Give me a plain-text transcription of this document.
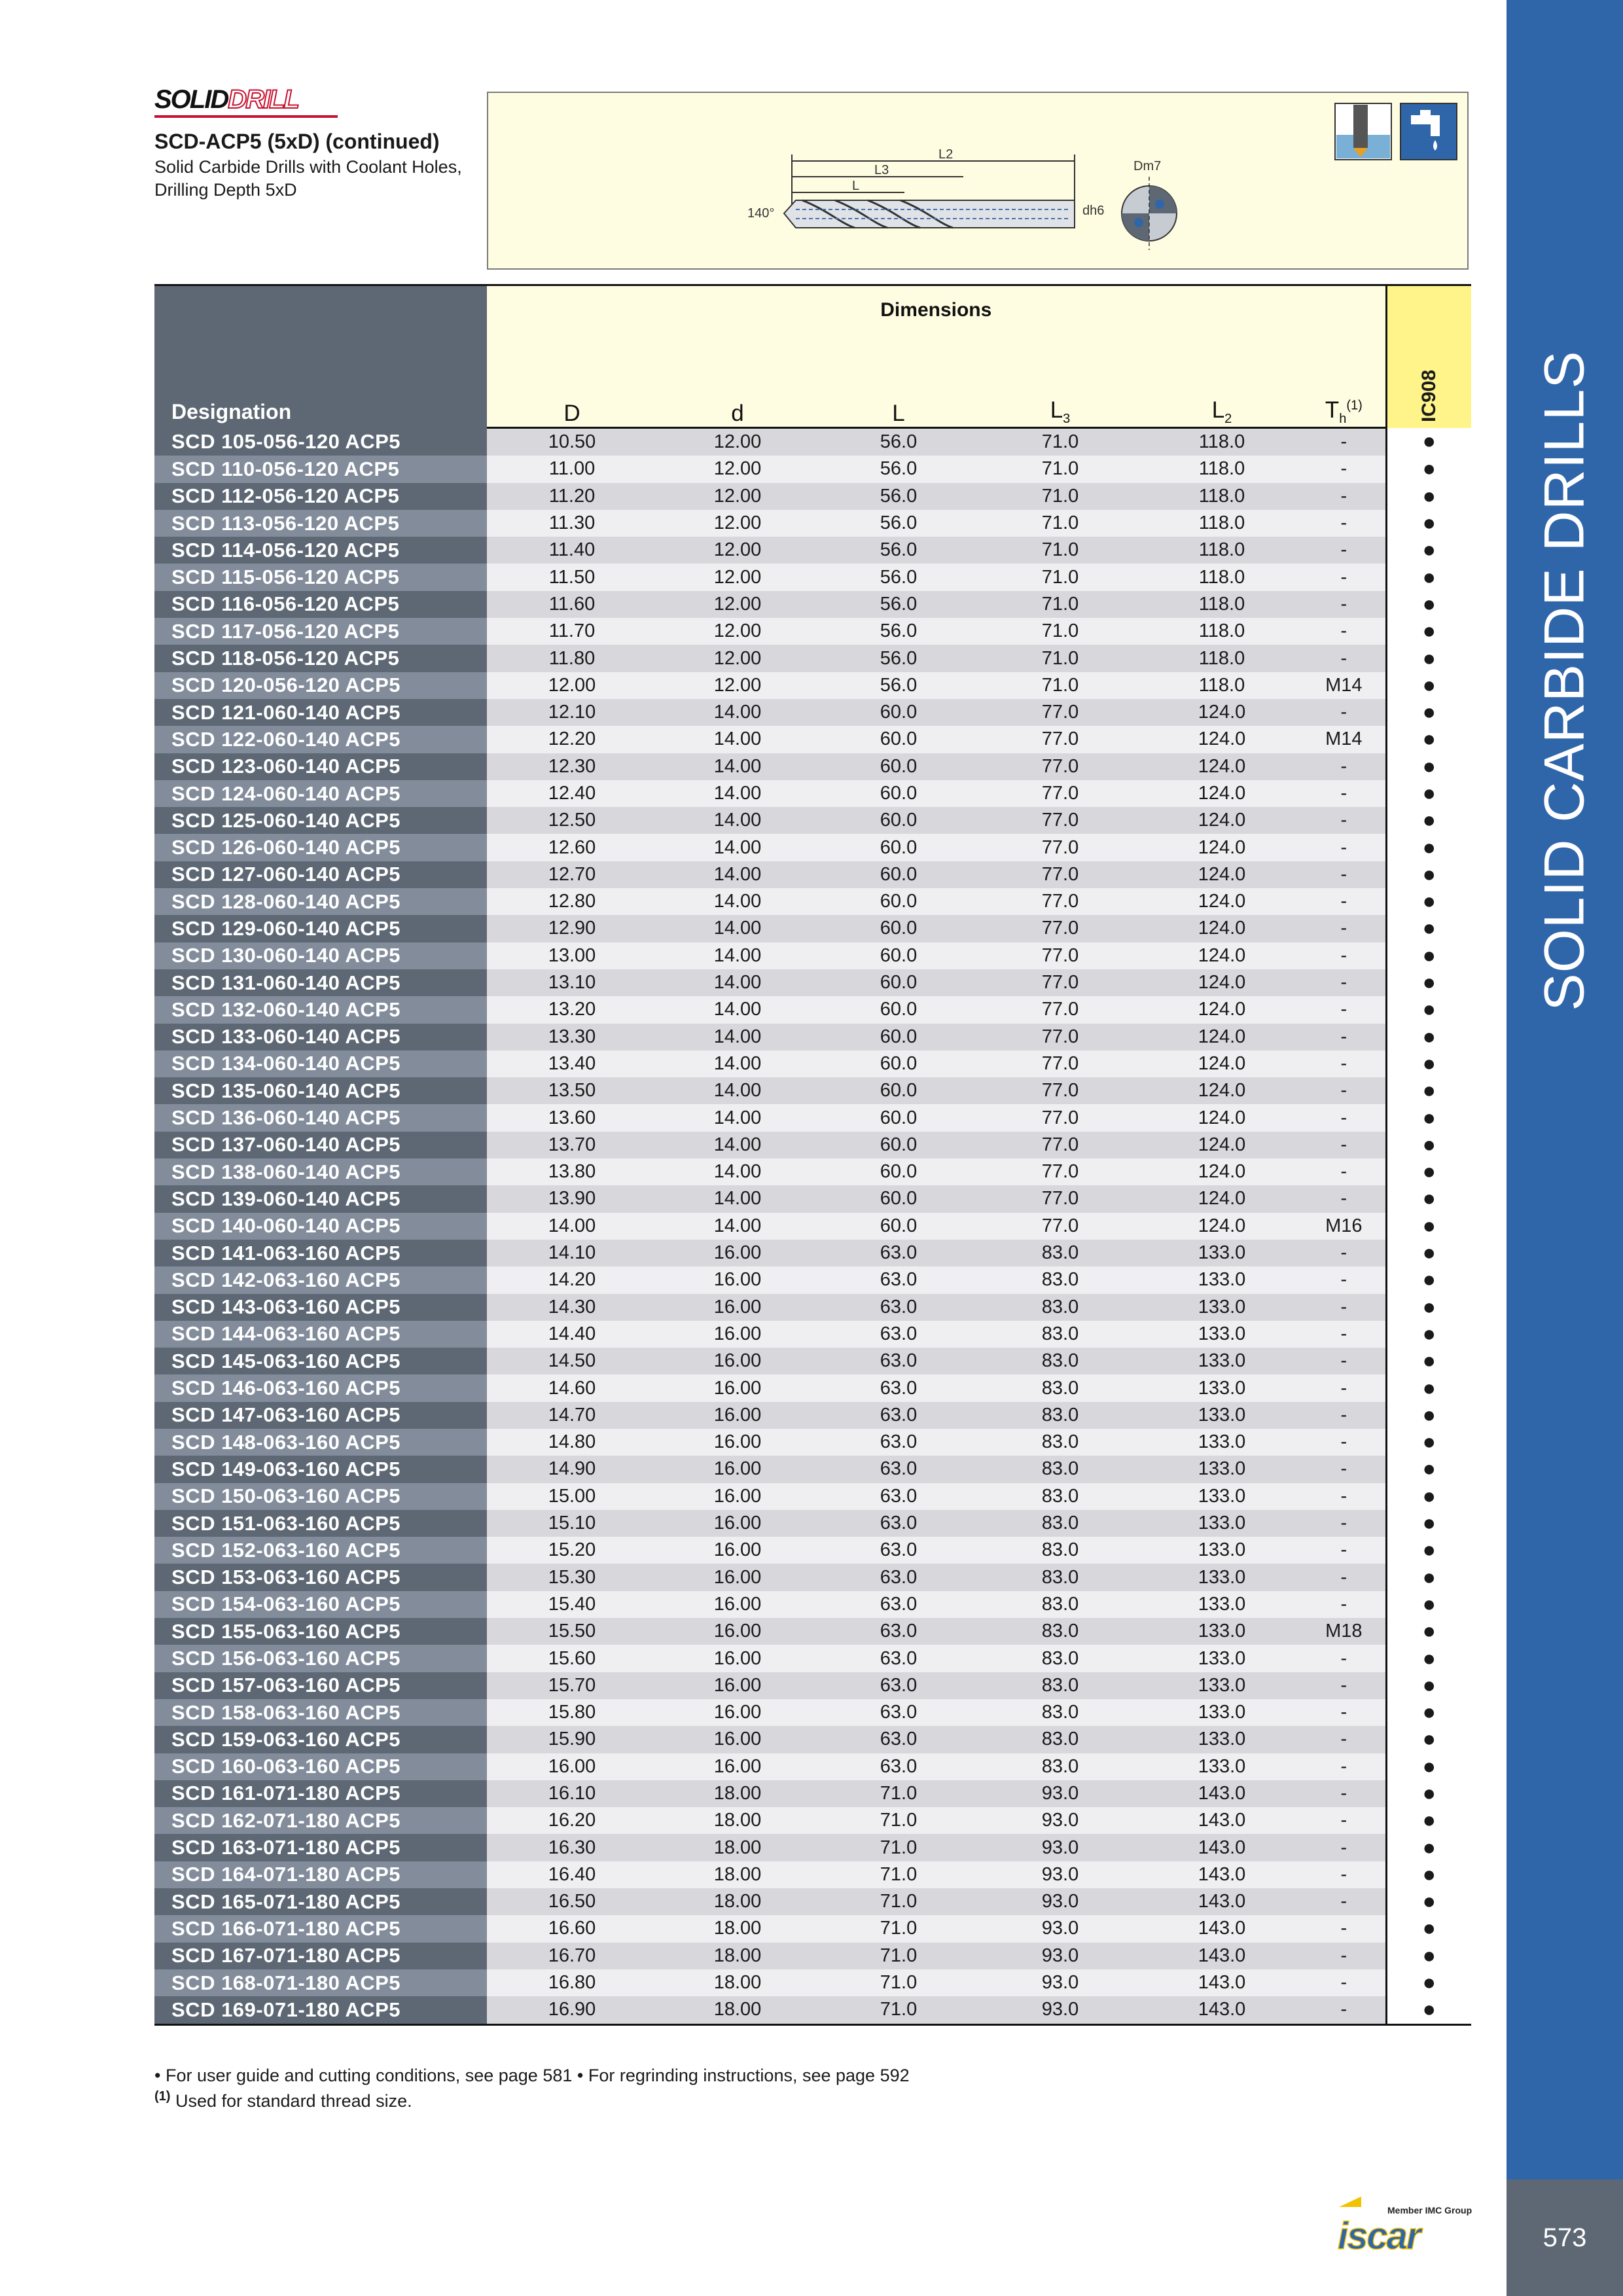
SOLID CARBIDE DRILLS
573
SOLIDDRILL
SCD-ACP5 (5xD) (continued)
Solid Carbide Drills with Coolant Holes, Drilling Depth 5xD
L2
L3
L
140°	dh6
Dm7
Designation	Dimensions						IC908
	D	d	L	$L_3$	$L_2$	$T_h^{(1)}$
SCD 105-056-120 ACP5	10.50	12.00	56.0	71.0	118.0	-	●
SCD 110-056-120 ACP5	11.00	12.00	56.0	71.0	118.0	-	●
SCD 112-056-120 ACP5	11.20	12.00	56.0	71.0	118.0	-	●
SCD 113-056-120 ACP5	11.30	12.00	56.0	71.0	118.0	-	●
SCD 114-056-120 ACP5	11.40	12.00	56.0	71.0	118.0	-	●
SCD 115-056-120 ACP5	11.50	12.00	56.0	71.0	118.0	-	●
SCD 116-056-120 ACP5	11.60	12.00	56.0	71.0	118.0	-	●
SCD 117-056-120 ACP5	11.70	12.00	56.0	71.0	118.0	-	●
SCD 118-056-120 ACP5	11.80	12.00	56.0	71.0	118.0	-	●
SCD 120-056-120 ACP5	12.00	12.00	56.0	71.0	118.0	M14	●
SCD 121-060-140 ACP5	12.10	14.00	60.0	77.0	124.0	-	●
SCD 122-060-140 ACP5	12.20	14.00	60.0	77.0	124.0	M14	●
SCD 123-060-140 ACP5	12.30	14.00	60.0	77.0	124.0	-	●
SCD 124-060-140 ACP5	12.40	14.00	60.0	77.0	124.0	-	●
SCD 125-060-140 ACP5	12.50	14.00	60.0	77.0	124.0	-	●
SCD 126-060-140 ACP5	12.60	14.00	60.0	77.0	124.0	-	●
SCD 127-060-140 ACP5	12.70	14.00	60.0	77.0	124.0	-	●
SCD 128-060-140 ACP5	12.80	14.00	60.0	77.0	124.0	-	●
SCD 129-060-140 ACP5	12.90	14.00	60.0	77.0	124.0	-	●
SCD 130-060-140 ACP5	13.00	14.00	60.0	77.0	124.0	-	●
SCD 131-060-140 ACP5	13.10	14.00	60.0	77.0	124.0	-	●
SCD 132-060-140 ACP5	13.20	14.00	60.0	77.0	124.0	-	●
SCD 133-060-140 ACP5	13.30	14.00	60.0	77.0	124.0	-	●
SCD 134-060-140 ACP5	13.40	14.00	60.0	77.0	124.0	-	●
SCD 135-060-140 ACP5	13.50	14.00	60.0	77.0	124.0	-	●
SCD 136-060-140 ACP5	13.60	14.00	60.0	77.0	124.0	-	●
SCD 137-060-140 ACP5	13.70	14.00	60.0	77.0	124.0	-	●
SCD 138-060-140 ACP5	13.80	14.00	60.0	77.0	124.0	-	●
SCD 139-060-140 ACP5	13.90	14.00	60.0	77.0	124.0	-	●
SCD 140-060-140 ACP5	14.00	14.00	60.0	77.0	124.0	M16	●
SCD 141-063-160 ACP5	14.10	16.00	63.0	83.0	133.0	-	●
SCD 142-063-160 ACP5	14.20	16.00	63.0	83.0	133.0	-	●
SCD 143-063-160 ACP5	14.30	16.00	63.0	83.0	133.0	-	●
SCD 144-063-160 ACP5	14.40	16.00	63.0	83.0	133.0	-	●
SCD 145-063-160 ACP5	14.50	16.00	63.0	83.0	133.0	-	●
SCD 146-063-160 ACP5	14.60	16.00	63.0	83.0	133.0	-	●
SCD 147-063-160 ACP5	14.70	16.00	63.0	83.0	133.0	-	●
SCD 148-063-160 ACP5	14.80	16.00	63.0	83.0	133.0	-	●
SCD 149-063-160 ACP5	14.90	16.00	63.0	83.0	133.0	-	●
SCD 150-063-160 ACP5	15.00	16.00	63.0	83.0	133.0	-	●
SCD 151-063-160 ACP5	15.10	16.00	63.0	83.0	133.0	-	●
SCD 152-063-160 ACP5	15.20	16.00	63.0	83.0	133.0	-	●
SCD 153-063-160 ACP5	15.30	16.00	63.0	83.0	133.0	-	●
SCD 154-063-160 ACP5	15.40	16.00	63.0	83.0	133.0	-	●
SCD 155-063-160 ACP5	15.50	16.00	63.0	83.0	133.0	M18	●
SCD 156-063-160 ACP5	15.60	16.00	63.0	83.0	133.0	-	●
SCD 157-063-160 ACP5	15.70	16.00	63.0	83.0	133.0	-	●
SCD 158-063-160 ACP5	15.80	16.00	63.0	83.0	133.0	-	●
SCD 159-063-160 ACP5	15.90	16.00	63.0	83.0	133.0	-	●
SCD 160-063-160 ACP5	16.00	16.00	63.0	83.0	133.0	-	●
SCD 161-071-180 ACP5	16.10	18.00	71.0	93.0	143.0	-	●
SCD 162-071-180 ACP5	16.20	18.00	71.0	93.0	143.0	-	●
SCD 163-071-180 ACP5	16.30	18.00	71.0	93.0	143.0	-	●
SCD 164-071-180 ACP5	16.40	18.00	71.0	93.0	143.0	-	●
SCD 165-071-180 ACP5	16.50	18.00	71.0	93.0	143.0	-	●
SCD 166-071-180 ACP5	16.60	18.00	71.0	93.0	143.0	-	●
SCD 167-071-180 ACP5	16.70	18.00	71.0	93.0	143.0	-	●
SCD 168-071-180 ACP5	16.80	18.00	71.0	93.0	143.0	-	●
SCD 169-071-180 ACP5	16.90	18.00	71.0	93.0	143.0	-	●
• For user guide and cutting conditions, see page 581 • For regrinding instructions, see page 592
$^{(1)}$ Used for standard thread size.
Member IMC Group
iscar
